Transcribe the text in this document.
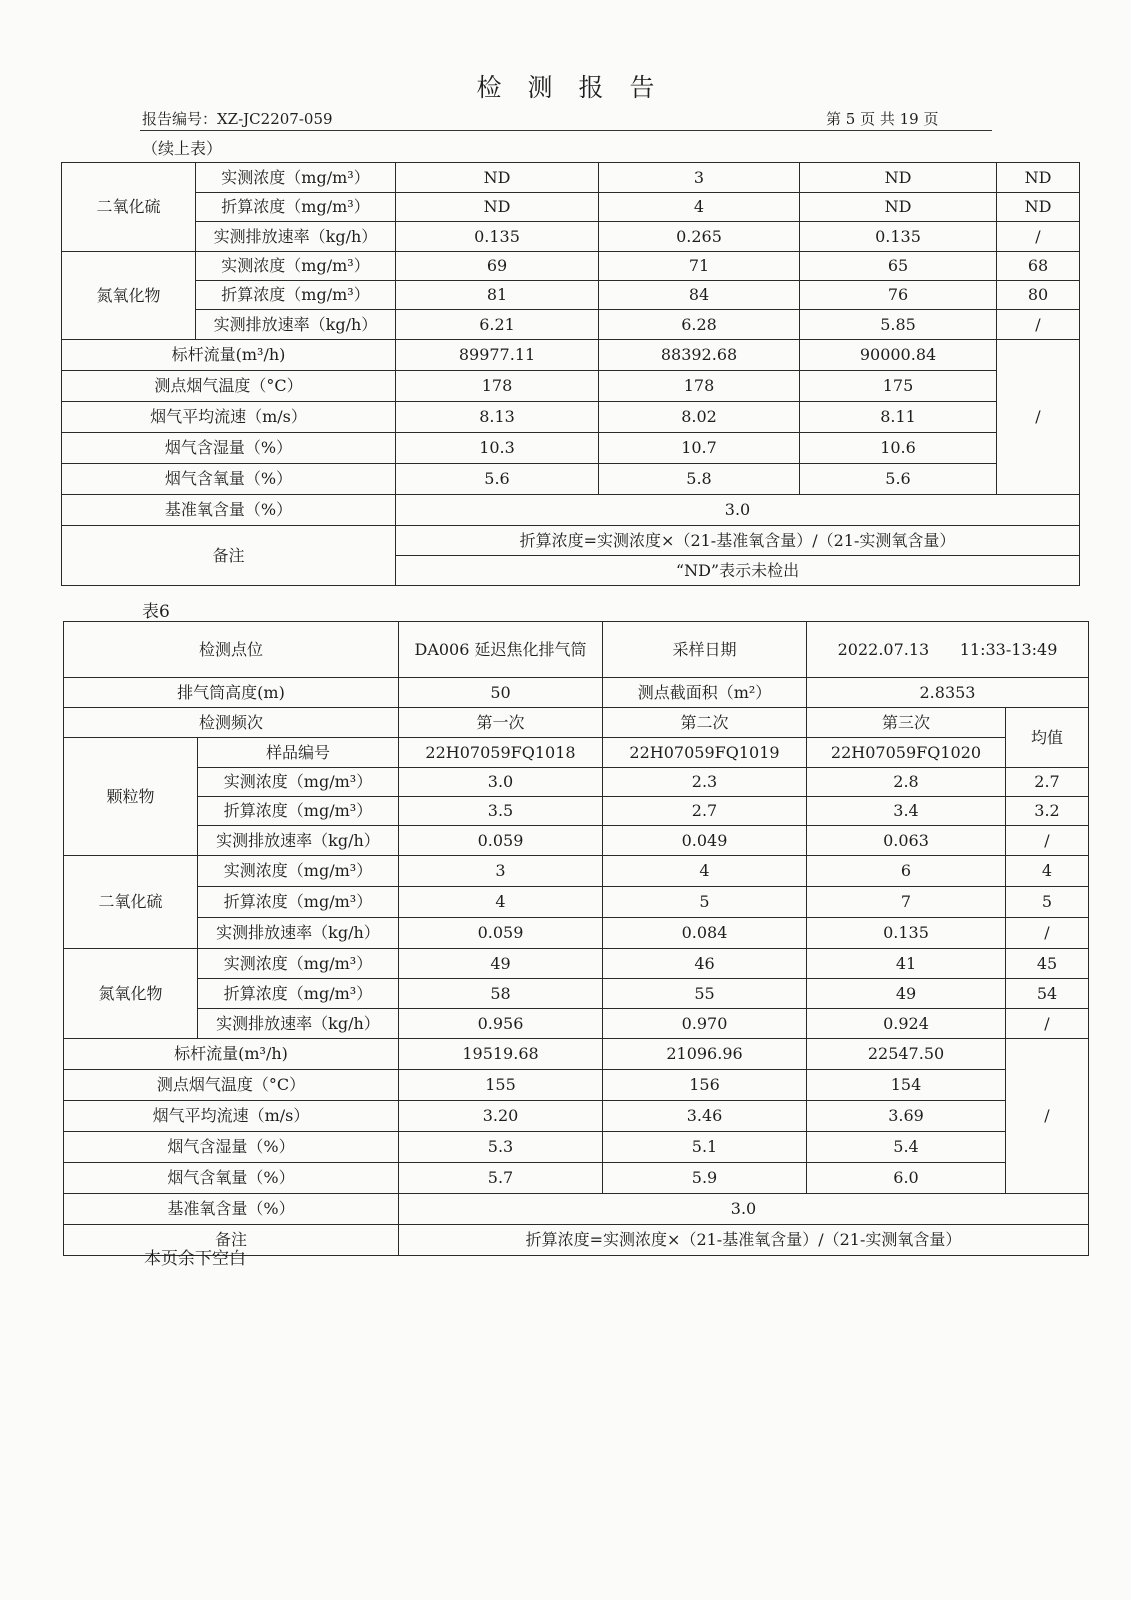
检测报告
报告编号：XZ-JC2207-059	第 5 页 共 19 页
（续上表）
二氧化硫	实测浓度（mg/m³）	ND	3	ND	ND
	折算浓度（mg/m³）	ND	4	ND	ND
	实测排放速率（kg/h）	0.135	0.265	0.135	/
氮氧化物	实测浓度（mg/m³）	69	71	65	68
	折算浓度（mg/m³）	81	84	76	80
	实测排放速率（kg/h）	6.21	6.28	5.85	/
标杆流量(m³/h)		89977.11	88392.68	90000.84	/
测点烟气温度（°C）		178	178	175	
烟气平均流速（m/s）		8.13	8.02	8.11	
烟气含湿量（%）		10.3	10.7	10.6	
烟气含氧量（%）		5.6	5.8	5.6	
基准氧含量（%）		3.0			
备注		折算浓度=实测浓度×（21-基准氧含量）/（21-实测氧含量）			
		“ND”表示未检出			
表6
检测点位		DA006 延迟焦化排气筒	采样日期	2022.07.13      11:33-13:49	
排气筒高度(m)		50	测点截面积（m²）	2.8353	
检测频次		第一次	第二次	第三次	均值
颗粒物	样品编号	22H07059FQ1018	22H07059FQ1019	22H07059FQ1020	
	实测浓度（mg/m³）	3.0	2.3	2.8	2.7
	折算浓度（mg/m³）	3.5	2.7	3.4	3.2
	实测排放速率（kg/h）	0.059	0.049	0.063	/
二氧化硫	实测浓度（mg/m³）	3	4	6	4
	折算浓度（mg/m³）	4	5	7	5
	实测排放速率（kg/h）	0.059	0.084	0.135	/
氮氧化物	实测浓度（mg/m³）	49	46	41	45
	折算浓度（mg/m³）	58	55	49	54
	实测排放速率（kg/h）	0.956	0.970	0.924	/
标杆流量(m³/h)		19519.68	21096.96	22547.50	/
测点烟气温度（°C）		155	156	154	
烟气平均流速（m/s）		3.20	3.46	3.69	
烟气含湿量（%）		5.3	5.1	5.4	
烟气含氧量（%）		5.7	5.9	6.0	
基准氧含量（%）		3.0			
备注		折算浓度=实测浓度×（21-基准氧含量）/（21-实测氧含量）			
本页余下空白
